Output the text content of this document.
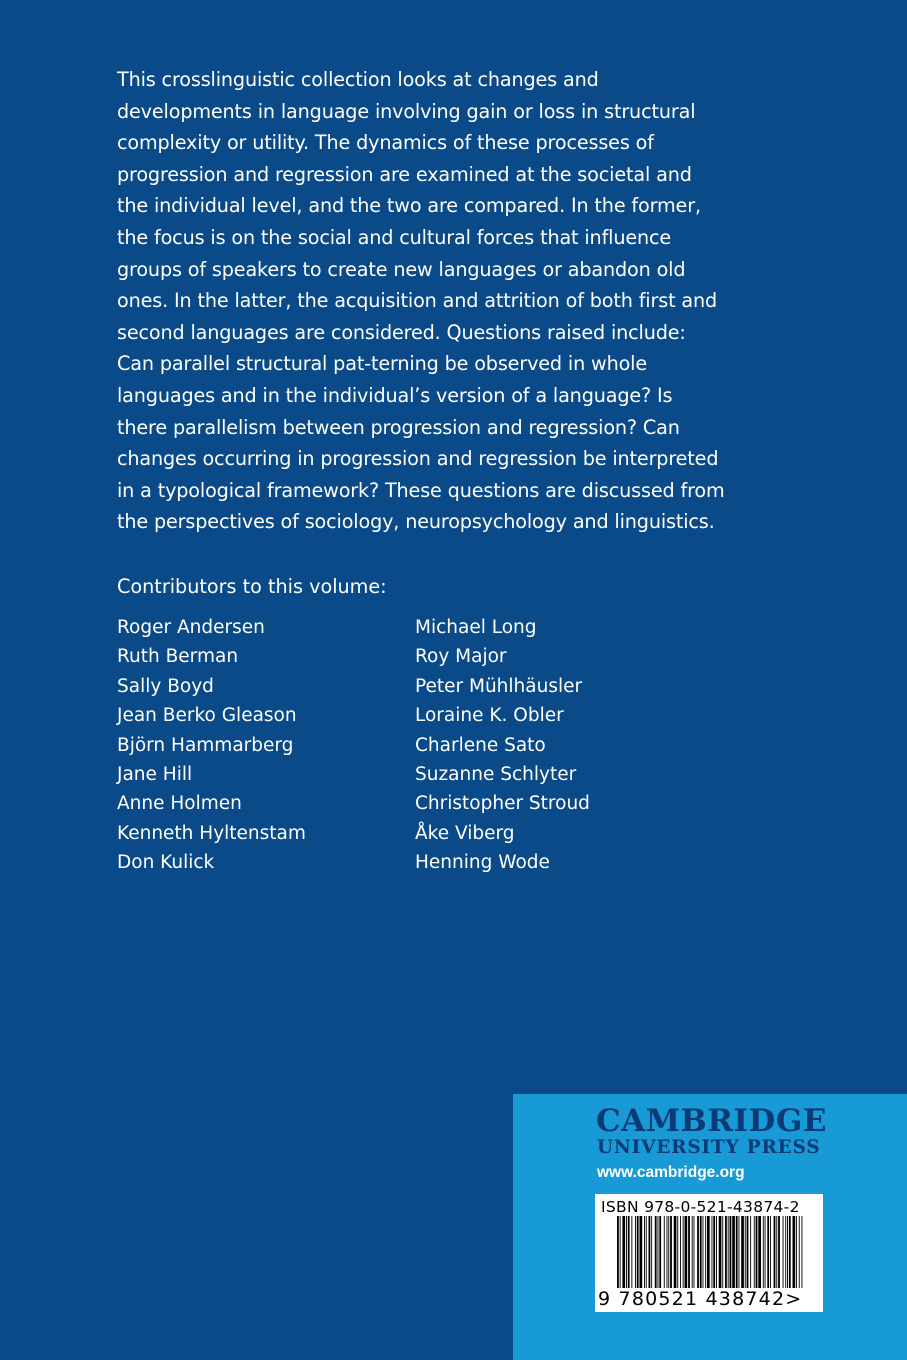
This crosslinguistic collection looks at changes and developments in language involving gain or loss in structural complexity or utility. The dynamics of these processes of progression and regression are examined at the societal and the individual level, and the two are compared. In the former, the focus is on the social and cultural forces that influence groups of speakers to create new languages or abandon old ones. In the latter, the acquisition and attrition of both first and second languages are considered. Questions raised include: Can parallel structural pat-terning be observed in whole languages and in the individual’s version of a language? Is there parallelism between progression and regression? Can changes occurring in progression and regression be interpreted in a typological framework? These questions are discussed from the perspectives of sociology, neuropsychology and linguistics.

Contributors to this volume:

Roger Andersen
Ruth Berman
Sally Boyd
Jean Berko Gleason
Björn Hammarberg
Jane Hill
Anne Holmen
Kenneth Hyltenstam
Don Kulick
Michael Long
Roy Major
Peter Mühlhäusler
Loraine K. Obler
Charlene Sato
Suzanne Schlyter
Christopher Stroud
Åke Viberg
Henning Wode

CAMBRIDGE

UNIVERSITY PRESS

www.cambridge.org

ISBN 978-0-521-43874-2

9 780521 438742>
